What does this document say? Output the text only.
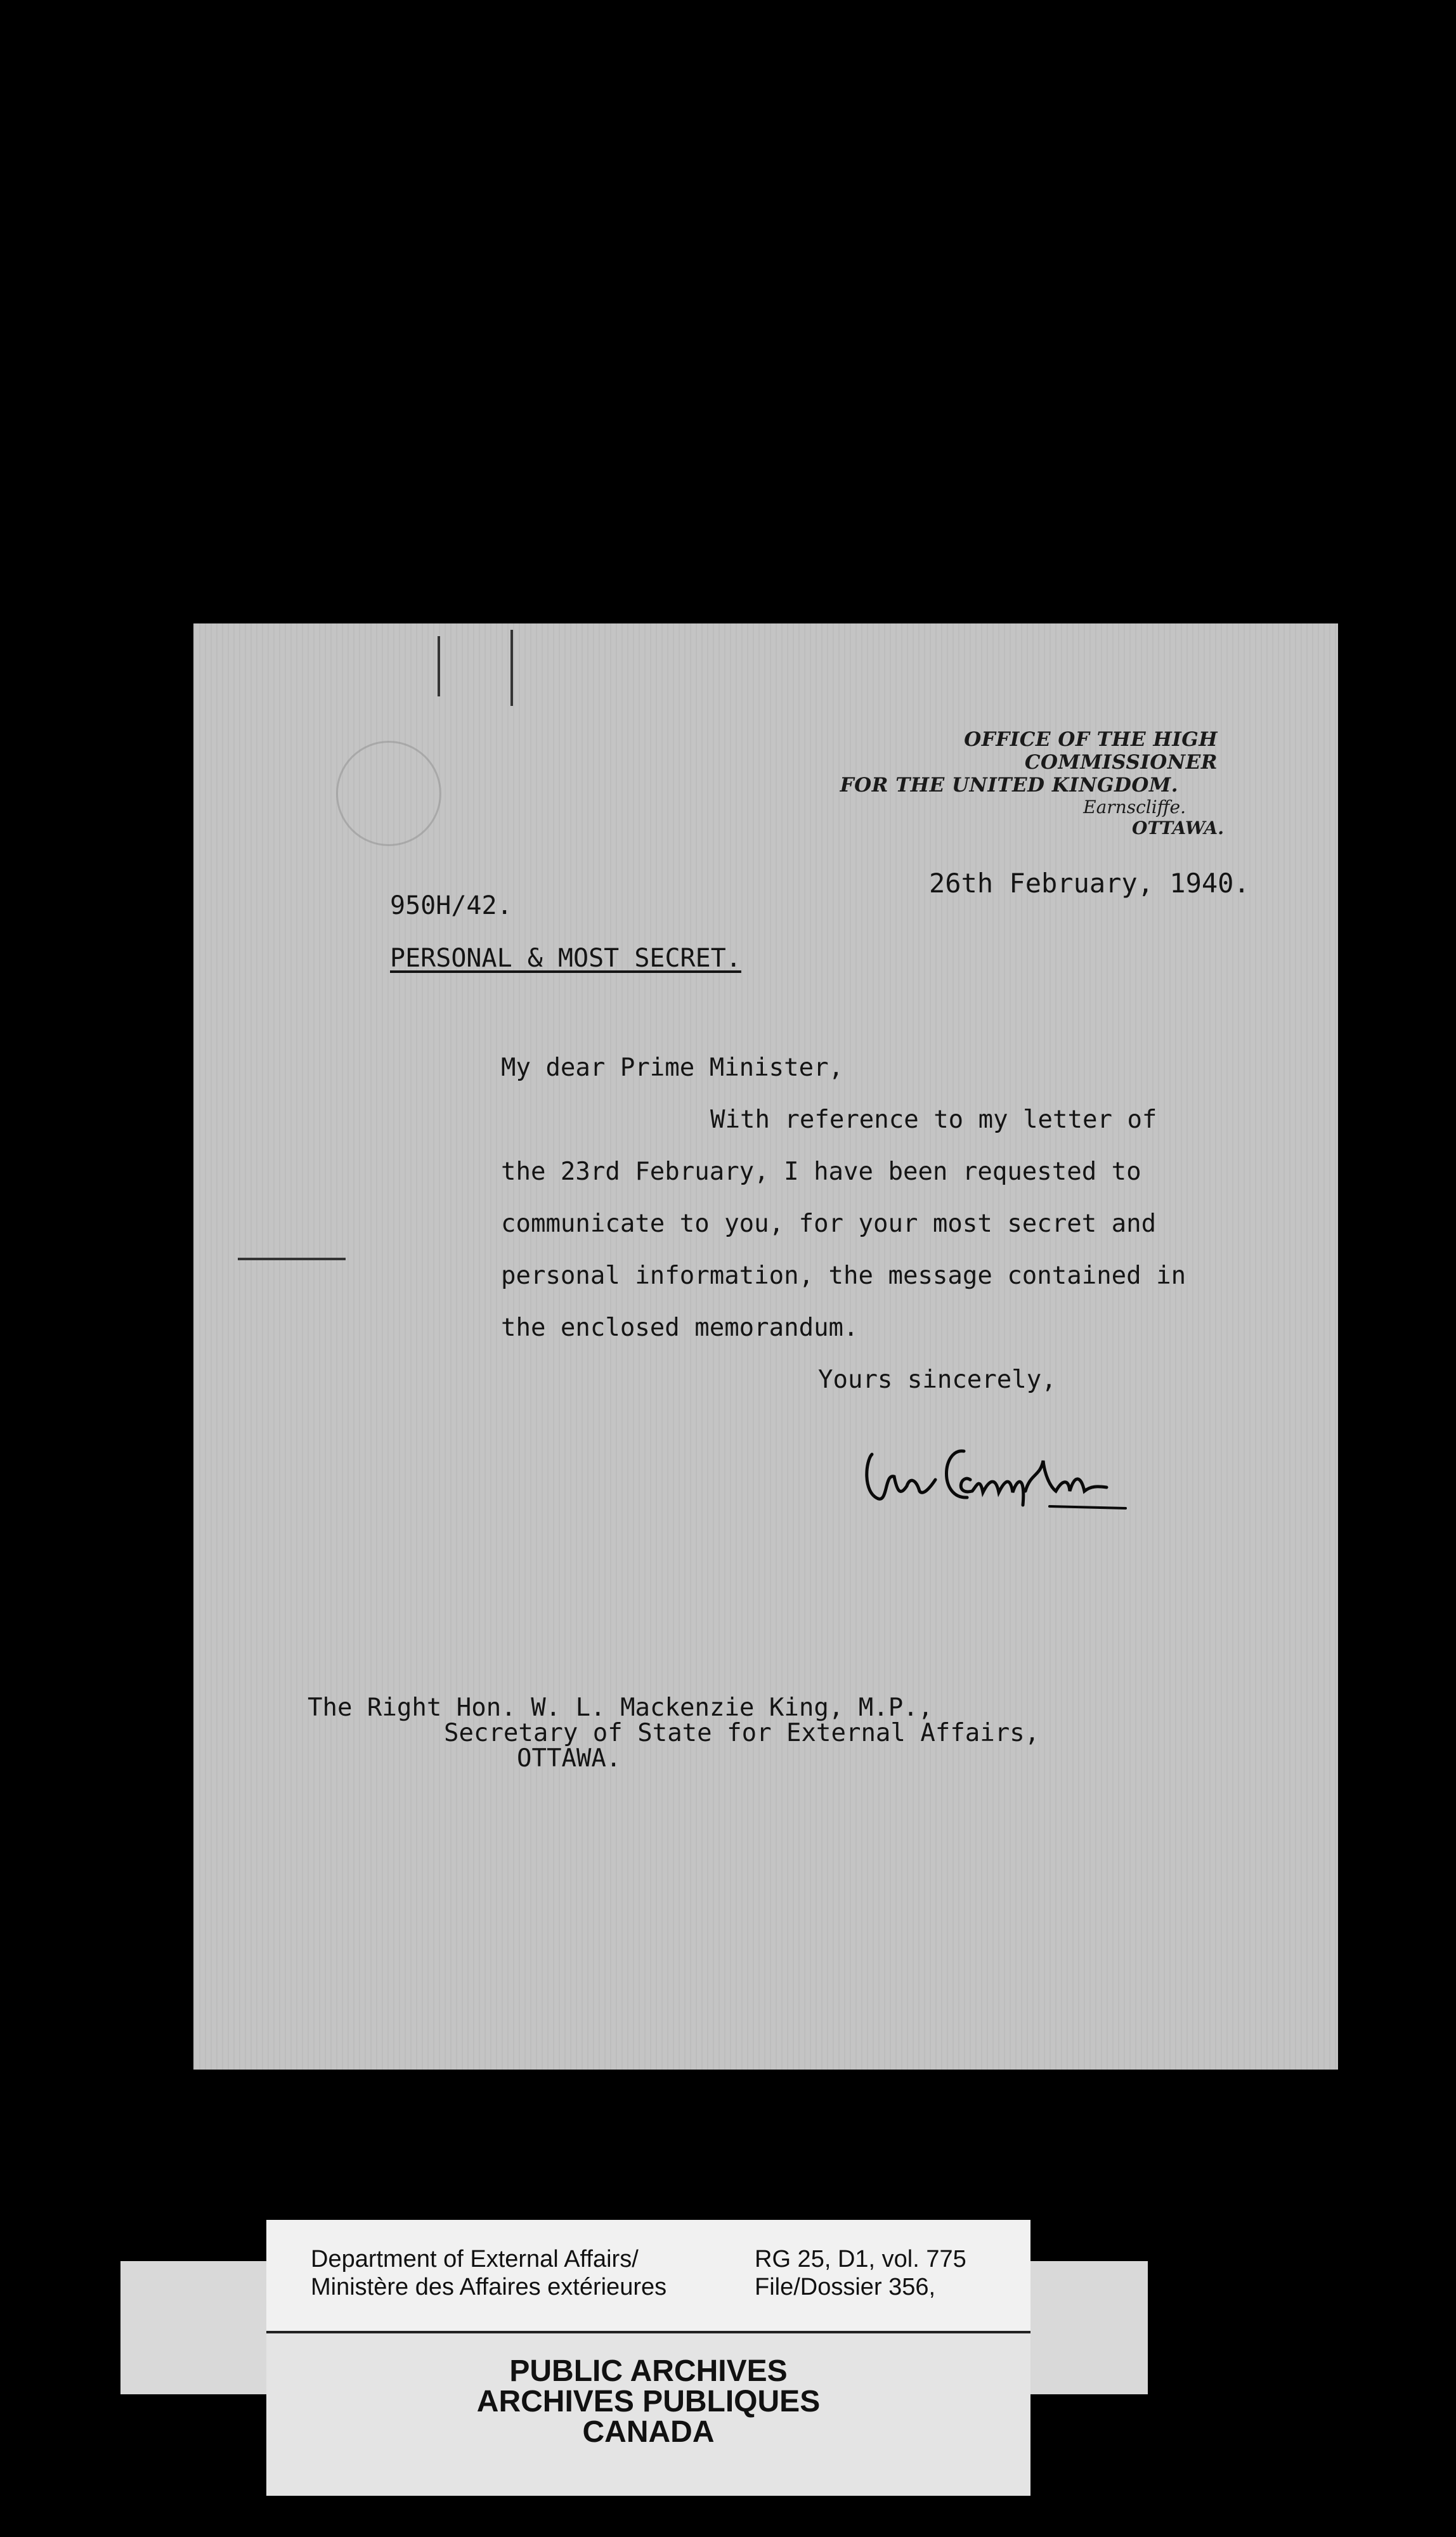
OFFICE OF THE HIGH COMMISSIONER
FOR THE UNITED KINGDOM.
Earnscliffe.
OTTAWA.
26th February, 1940.
950H/42.
PERSONAL & MOST SECRET.
My dear Prime Minister,
With reference to my letter of
the 23rd February, I have been requested to
communicate to you, for your most secret and
personal information, the message contained in
the enclosed memorandum.
Yours sincerely,
The Right Hon. W. L. Mackenzie King, M.P.,
Secretary of State for External Affairs,
OTTAWA.
Department of External Affairs/
Ministère des Affaires extérieures
RG 25, D1, vol. 775
File/Dossier 356,
PUBLIC ARCHIVES
ARCHIVES PUBLIQUES
CANADA
